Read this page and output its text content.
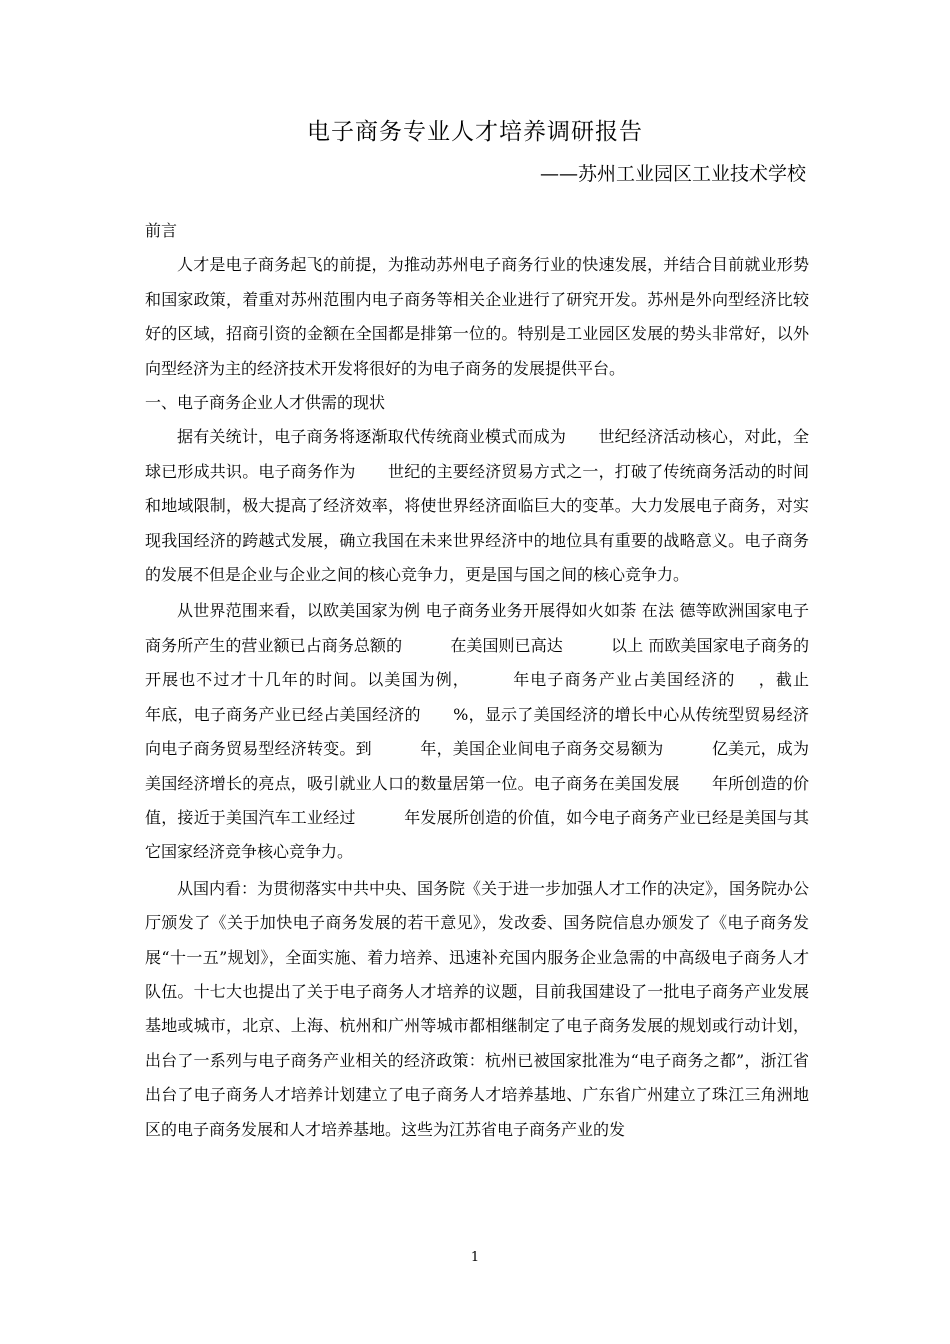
电子商务专业人才培养调研报告
——苏州工业园区工业技术学校

前言

人才是电子商务起飞的前提，为推动苏州电子商务行业的快速发展，并结合目前就业形势和国家政策，着重对苏州范围内电子商务等相关企业进行了研究开发。苏州是外向型经济比较好的区域，招商引资的金额在全国都是排第一位的。特别是工业园区发展的势头非常好，以外向型经济为主的经济技术开发将很好的为电子商务的发展提供平台。

一、电子商务企业人才供需的现状

据有关统计，电子商务将逐渐取代传统商业模式而成为　　世纪经济活动核心，对此，全球已形成共识。电子商务作为　　世纪的主要经济贸易方式之一，打破了传统商务活动的时间和地域限制，极大提高了经济效率，将使世界经济面临巨大的变革。大力发展电子商务，对实现我国经济的跨越式发展，确立我国在未来世界经济中的地位具有重要的战略意义。电子商务的发展不但是企业与企业之间的核心竞争力，更是国与国之间的核心竞争力。

从世界范围来看，以欧美国家为例 电子商务业务开展得如火如荼 在法 德等欧洲国家电子商务所产生的营业额已占商务总额的　　　在美国则已高达　　　以上 而欧美国家电子商务的开展也不过才十几年的时间。以美国为例，　　　年电子商务产业占美国经济的　 ，截止　　　年底，电子商务产业已经占美国经济的　　%，显示了美国经济的增长中心从传统型贸易经济向电子商务贸易型经济转变。到　　　年，美国企业间电子商务交易额为　　　亿美元，成为美国经济增长的亮点，吸引就业人口的数量居第一位。电子商务在美国发展　　年所创造的价值，接近于美国汽车工业经过　　　年发展所创造的价值，如今电子商务产业已经是美国与其它国家经济竞争核心竞争力。

从国内看：为贯彻落实中共中央、国务院《关于进一步加强人才工作的决定》，国务院办公厅颁发了《关于加快电子商务发展的若干意见》，发改委、国务院信息办颁发了《电子商务发展“十一五”规划》，全面实施、着力培养、迅速补充国内服务企业急需的中高级电子商务人才队伍。十七大也提出了关于电子商务人才培养的议题，目前我国建设了一批电子商务产业发展基地或城市，北京、上海、杭州和广州等城市都相继制定了电子商务发展的规划或行动计划，出台了一系列与电子商务产业相关的经济政策：杭州已被国家批准为“电子商务之都”，浙江省出台了电子商务人才培养计划建立了电子商务人才培养基地、广东省广州建立了珠江三角洲地区的电子商务发展和人才培养基地。这些为江苏省电子商务产业的发

1
